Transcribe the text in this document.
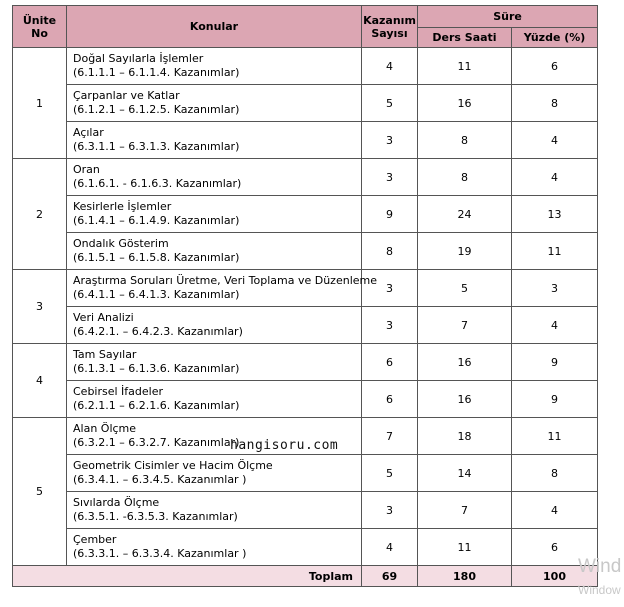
Ünite No	Konular	Kazanım Sayısı	Süre	
			Ders Saati	Yüzde (%)
1	Doğal Sayılarla İşlemler
(6.1.1.1 – 6.1.1.4. Kazanımlar)	4	11	6

	Çarpanlar ve Katlar
(6.1.2.1 – 6.1.2.5. Kazanımlar)	5	16	8

	Açılar
(6.3.1.1 – 6.3.1.3. Kazanımlar)	3	8	4
2	Oran
(6.1.6.1. - 6.1.6.3. Kazanımlar)	3	8	4

	Kesirlerle İşlemler
(6.1.4.1 – 6.1.4.9. Kazanımlar)	9	24	13

	Ondalık Gösterim
(6.1.5.1 – 6.1.5.8. Kazanımlar)	8	19	11
3	Araştırma Soruları Üretme, Veri Toplama ve Düzenleme
(6.4.1.1 – 6.4.1.3. Kazanımlar)	3	5	3

	Veri Analizi
(6.4.2.1. – 6.4.2.3. Kazanımlar)	3	7	4
4	Tam Sayılar
(6.1.3.1 – 6.1.3.6. Kazanımlar)	6	16	9

	Cebirsel İfadeler
(6.2.1.1 – 6.2.1.6. Kazanımlar)	6	16	9
5	Alan Ölçme
(6.3.2.1 – 6.3.2.7. Kazanımlar)	7	18	11

	Geometrik Cisimler ve Hacim Ölçme
(6.3.4.1. – 6.3.4.5. Kazanımlar )	5	14	8

	Sıvılarda Ölçme
(6.3.5.1. -6.3.5.3. Kazanımlar)	3	7	4

	Çember
(6.3.3.1. – 6.3.3.4. Kazanımlar )	4	11	6
Toplam		69	180	100
hangisoru.com
Wind
Window
